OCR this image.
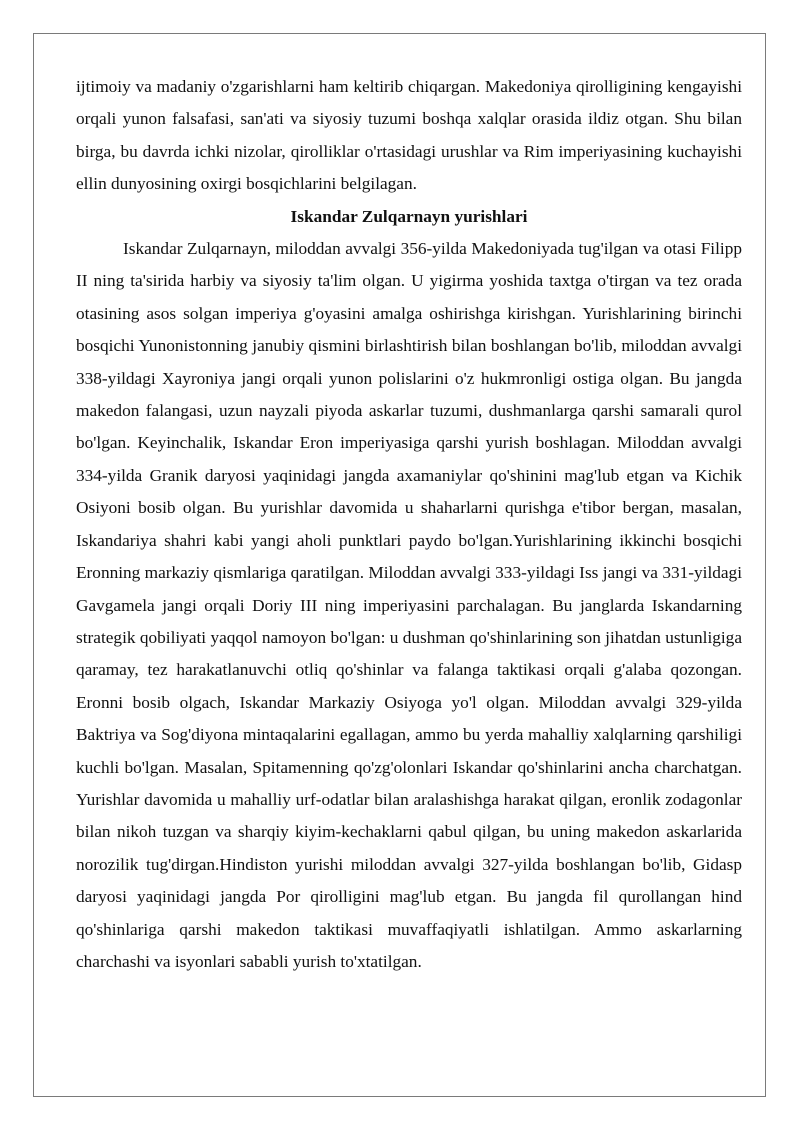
ijtimoiy va madaniy o'zgarishlarni ham keltirib chiqargan. Makedoniya qirolligining kengayishi orqali yunon falsafasi, san'ati va siyosiy tuzumi boshqa xalqlar orasida ildiz otgan. Shu bilan birga, bu davrda ichki nizolar, qirolliklar o'rtasidagi urushlar va Rim imperiyasining kuchayishi ellin dunyosining oxirgi bosqichlarini belgilagan.

Iskandar Zulqarnayn yurishlari

Iskandar Zulqarnayn, miloddan avvalgi 356-yilda Makedoniyada tug'ilgan va otasi Filipp II ning ta'sirida harbiy va siyosiy ta'lim olgan. U yigirma yoshida taxtga o'tirgan va tez orada otasining asos solgan imperiya g'oyasini amalga oshirishga kirishgan. Yurishlarining birinchi bosqichi Yunonistonning janubiy qismini birlashtirish bilan boshlangan bo'lib, miloddan avvalgi 338-yildagi Xayroniya jangi orqali yunon polislarini o'z hukmronligi ostiga olgan. Bu jangda makedon falangasi, uzun nayzali piyoda askarlar tuzumi, dushmanlarga qarshi samarali qurol bo'lgan. Keyinchalik, Iskandar Eron imperiyasiga qarshi yurish boshlagan. Miloddan avvalgi 334-yilda Granik daryosi yaqinidagi jangda axamaniylar qo'shinini mag'lub etgan va Kichik Osiyoni bosib olgan. Bu yurishlar davomida u shaharlarni qurishga e'tibor bergan, masalan, Iskandariya shahri kabi yangi aholi punktlari paydo bo'lgan.Yurishlarining ikkinchi bosqichi Eronning markaziy qismlariga qaratilgan. Miloddan avvalgi 333-yildagi Iss jangi va 331-yildagi Gavgamela jangi orqali Doriy III ning imperiyasini parchalagan. Bu janglarda Iskandarning strategik qobiliyati yaqqol namoyon bo'lgan: u dushman qo'shinlarining son jihatdan ustunligiga qaramay, tez harakatlanuvchi otliq qo'shinlar va falanga taktikasi orqali g'alaba qozongan. Eronni bosib olgach, Iskandar Markaziy Osiyoga yo'l olgan. Miloddan avvalgi 329-yilda Baktriya va Sog'diyona mintaqalarini egallagan, ammo bu yerda mahalliy xalqlarning qarshiligi kuchli bo'lgan. Masalan, Spitamenning qo'zg'olonlari Iskandar qo'shinlarini ancha charchatgan. Yurishlar davomida u mahalliy urf-odatlar bilan aralashishga harakat qilgan, eronlik zodagonlar bilan nikoh tuzgan va sharqiy kiyim-kechaklarni qabul qilgan, bu uning makedon askarlarida norozilik tug'dirgan.Hindiston yurishi miloddan avvalgi 327-yilda boshlangan bo'lib, Gidasp daryosi yaqinidagi jangda Por qirolligini mag'lub etgan. Bu jangda fil qurollangan hind qo'shinlariga qarshi makedon taktikasi muvaffaqiyatli ishlatilgan. Ammo askarlarning charchashi va isyonlari sababli yurish to'xtatilgan.
